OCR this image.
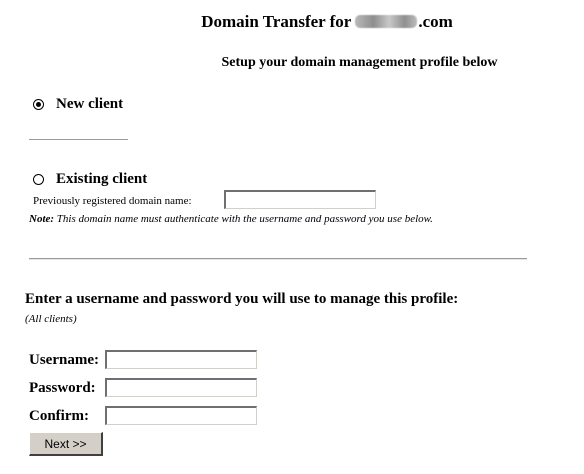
Domain Transfer for	.com
Setup your domain management profile below
New client
Existing client
Previously registered domain name:
Note: This domain name must authenticate with the username and password you use below.
Enter a username and password you will use to manage this profile:
(All clients)
Username:
Password:
Confirm:
Next >>
